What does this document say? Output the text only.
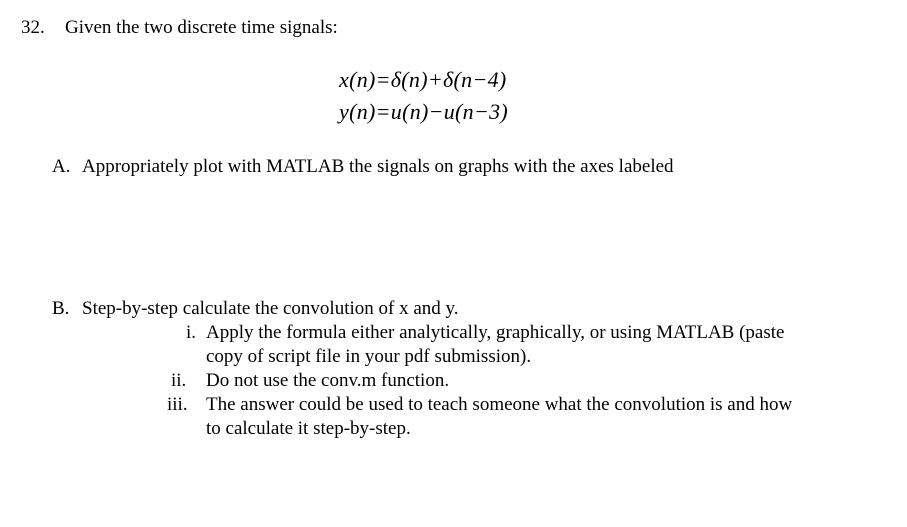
32. Given the two discrete time signals:
x(n)=δ(n)+δ(n−4)
y(n)=u(n)−u(n−3)
A. Appropriately plot with MATLAB the signals on graphs with the axes labeled
B. Step-by-step calculate the convolution of x and y.
i. Apply the formula either analytically, graphically, or using MATLAB (paste
copy of script file in your pdf submission).
ii. Do not use the conv.m function.
iii. The answer could be used to teach someone what the convolution is and how
to calculate it step-by-step.
